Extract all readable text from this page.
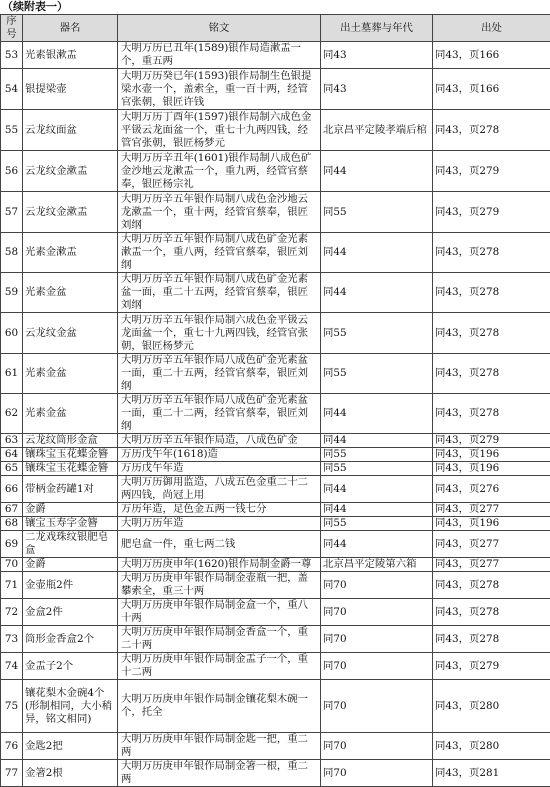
（续附表一）
序号	器名	铭文	出土墓葬与年代	出处
53	光素银漱盂	大明万历已丑年(1589)银作局造漱盂一个，重五两	同43	同43，页166
54	银提梁壶	大明万历癸已年(1593)银作局制生色银提梁水壶一个，盖索全，重一百十两，经管官张朝，银匠许钱	同43	同43，页166
55	云龙纹面盆	大明万历丁酉年(1597)银作局制六成色金平钑云龙面盆一个，重七十九两四钱，经管官张朝，银匠杨梦元	北京昌平定陵孝端后棺	同43，页278
56	云龙纹金漱盂	大明万历辛丑年(1601)银作局制八成色矿金沙地云龙漱盂一个，重九两，经管官蔡奉，银匠杨宗礼	同44	同43，页279
57	云龙纹金漱盂	大明万历辛五年银作局制八成色金沙地云龙漱盂一个，重十两，经管官蔡奉，银匠刘纲	同55	同43，页279
58	光素金漱盂	大明万历辛五年银作局制八成色矿金光素漱盂一个，重八两，经管官蔡奉，银匠刘纲	同44	同43，页278
59	光素金盆	大明万历辛五年银作局制八成色矿金光素盆一面，重二十五两，经管官蔡奉，银匠刘纲	同44	同43，页278
60	云龙纹金盆	大明万历辛五年银作局制六成色金平钑云龙面盆一个，重七十九两四钱，经管官张朝，银匠杨梦元	同55	同43，页278
61	光素金盆	大明万历辛五年银作局八成色矿金光素盆一面，重二十五两，经管官蔡奉，银匠刘纲	同55	同43，页278
62	光素金盆	大明万历辛五年银作局八成色矿金光素盆一面，重二十二两，经管官蔡奉，银匠刘纲	同44	同43，页278
63	云龙纹筒形金盒	大明万历辛五年银作局造，八成色矿金	同44	同43，页279
64	镶珠宝玉花蝶金簪	万历戊午年(1618)造	同55	同43，页196
65	镶珠宝玉花蝶金簪	万历戊午年造	同55	同43，页196
66	带柄金药罐1对	大明万历御用监造，八成五色金重二十二两四钱，尚冠上用	同44	同43，页276
67	金爵	万历年造，足色金五两一钱七分	同44	同43，页277
68	镶宝玉寿字金簪	大明万历年造	同55	同43，页196
69	二龙戏珠纹银肥皂盒	肥皂盒一件，重七两二钱	同44	同43，页277
70	金爵	大明万历庚申年(1620)银作局制金爵一尊	北京昌平定陵第六箱	同43，页277
71	金壶瓶2件	大明万历庚申年银作局制金壶瓶一把，盖攀索全，重三十两	同70	同43，页278
72	金盒2件	大明万历庚申年银作局制金盒一个，重八十两	同70	同43，页278
73	筒形金香盒2个	大明万历庚申年银作局制金香盒一个，重二十两	同70	同43，页278
74	金盂子2个	大明万历庚申年银作局制金盂子一个，重十二两	同70	同43，页279
75	镶花梨木金碗4个(形制相同，大小稍异，铭文相同)	大明万历庚申年银作局制金镶花梨木碗一个，托全	同70	同43，页280
76	金匙2把	大明万历庚申年银作局制金匙一把，重二两	同70	同43，页280
77	金箸2根	大明万历庚申年银作局制金箸一根，重二两	同70	同43，页281
